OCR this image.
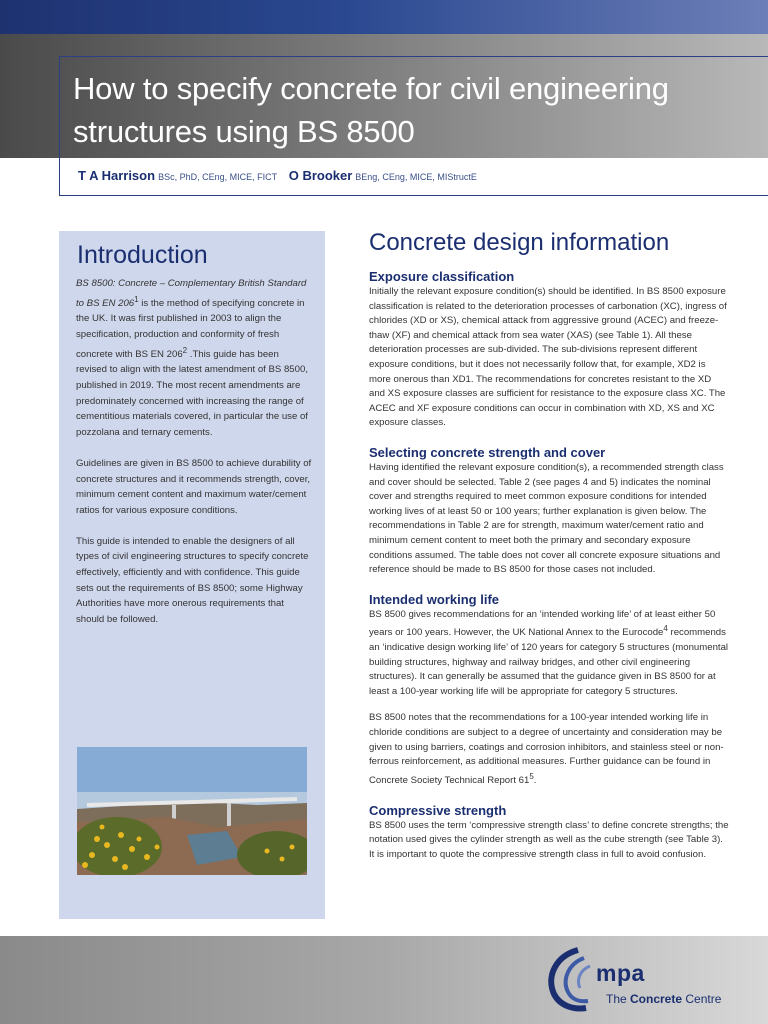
How to specify concrete for civil engineering structures using BS 8500
T A Harrison BSc, PhD, CEng, MICE, FICT O Brooker BEng, CEng, MICE, MIStructE
Introduction

BS 8500: Concrete – Complementary British Standard to BS EN $206^1$ is the method of specifying concrete in the UK. It was first published in 2003 to align the specification, production and conformity of fresh concrete with BS EN $206^2$ .This guide has been revised to align with the latest amendment of BS 8500, published in 2019. The most recent amendments are predominately concerned with increasing the range of cementitious materials covered, in particular the use of pozzolana and ternary cements.

Guidelines are given in BS 8500 to achieve durability of concrete structures and it recommends strength, cover, minimum cement content and maximum water/cement ratios for various exposure conditions.

This guide is intended to enable the designers of all types of civil engineering structures to specify concrete effectively, efficiently and with confidence. This guide sets out the requirements of BS 8500; some Highway Authorities have more onerous requirements that should be followed.

Concrete design information
Exposure classification

Initially the relevant exposure condition(s) should be identified. In BS 8500 exposure classification is related to the deterioration processes of carbonation (XC), ingress of chlorides (XD or XS), chemical attack from aggressive ground (ACEC) and freeze-thaw (XF) and chemical attack from sea water (XAS) (see Table 1). All these deterioration processes are sub-divided. The sub-divisions represent different exposure conditions, but it does not necessarily follow that, for example, XD2 is more onerous than XD1. The recommendations for concretes resistant to the XD and XS exposure classes are sufficient for resistance to the exposure class XC. The ACEC and XF exposure conditions can occur in combination with XD, XS and XC exposure classes.

Selecting concrete strength and cover

Having identified the relevant exposure condition(s), a recommended strength class and cover should be selected. Table 2 (see pages 4 and 5) indicates the nominal cover and strengths required to meet common exposure conditions for intended working lives of at least 50 or 100 years; further explanation is given below. The recommendations in Table 2 are for strength, maximum water/cement ratio and minimum cement content to meet both the primary and secondary exposure conditions assumed. The table does not cover all concrete exposure situations and reference should be made to BS 8500 for those cases not included.

Intended working life

BS 8500 gives recommendations for an ‘intended working life’ of at least either 50 years or 100 years. However, the UK National Annex to the Eurocode$^4$ recommends an ‘indicative design working life’ of 120 years for category 5 structures (monumental building structures, highway and railway bridges, and other civil engineering structures). It can generally be assumed that the guidance given in BS 8500 for at least a 100-year working life will be appropriate for category 5 structures.

BS 8500 notes that the recommendations for a 100-year intended working life in chloride conditions are subject to a degree of uncertainty and consideration may be given to using barriers, coatings and corrosion inhibitors, and stainless steel or non-ferrous reinforcement, as additional measures. Further guidance can be found in Concrete Society Technical Report $61^5$.

Compressive strength

BS 8500 uses the term ‘compressive strength class’ to define concrete strengths; the notation used gives the cylinder strength as well as the cube strength (see Table 3). It is important to quote the compressive strength class in full to avoid confusion.

mpa
The Concrete Centre
